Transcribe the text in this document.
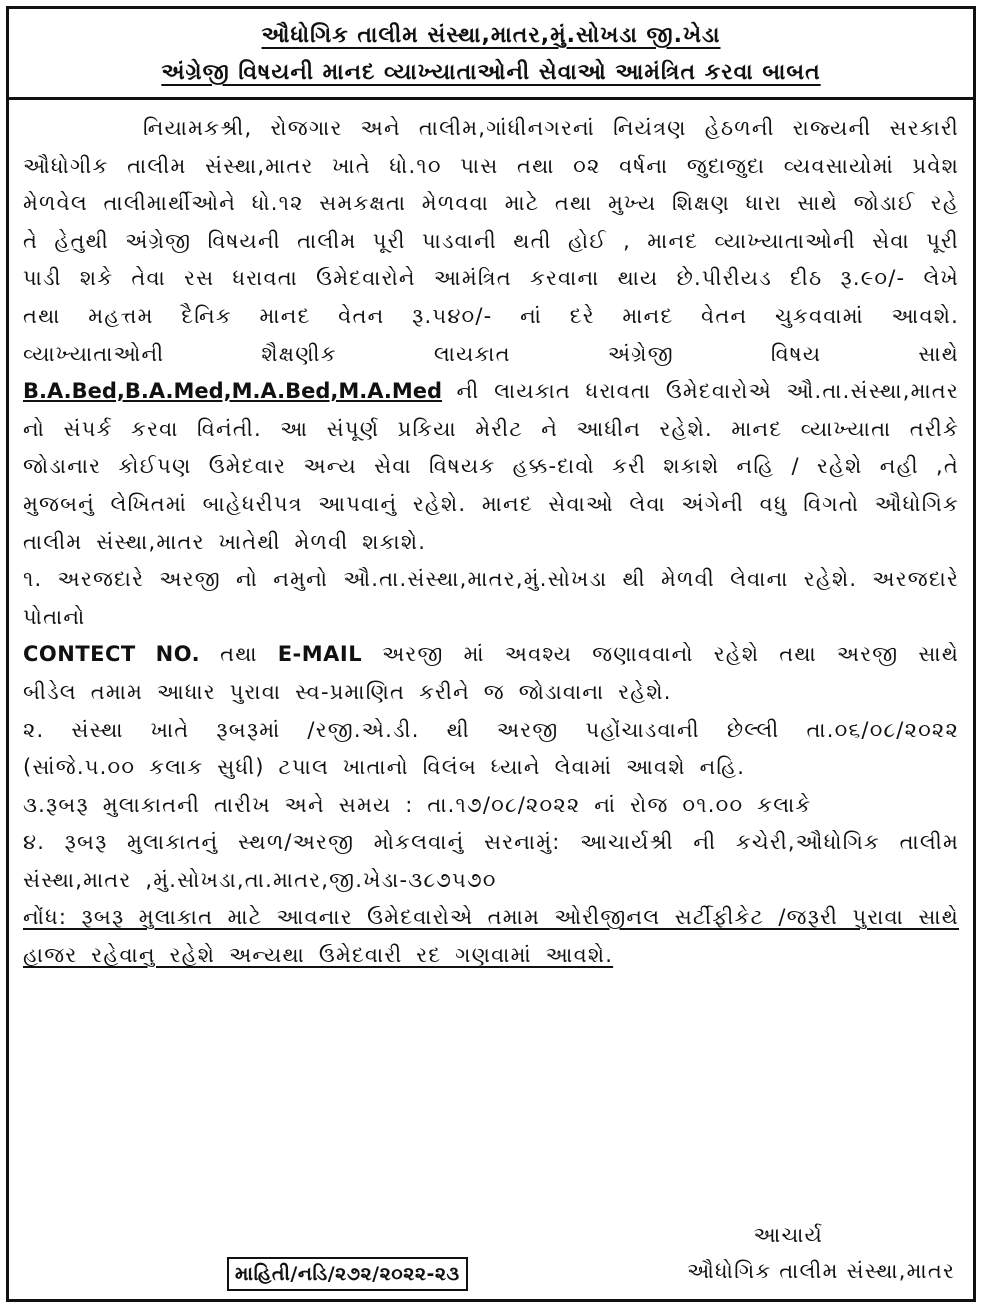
ઔધોગિક તાલીમ સંસ્થા,માતર,મું.સોખડા જી.ખેડા
અંગ્રેજી વિષયની માનદ વ્યાખ્યાતાઓની સેવાઓ આમંત્રિત કરવા બાબત

નિયામકશ્રી, રોજગાર અને તાલીમ,ગાંધીનગરનાં નિયંત્રણ હેઠળની રાજ્યની સરકારી ઔધોગીક તાલીમ સંસ્થા,માતર ખાતે ધો.૧૦ પાસ તથા ૦૨ વર્ષના જુદાજુદા વ્યવસાયોમાં પ્રવેશ મેળવેલ તાલીમાર્થીઓને ધો.૧૨ સમકક્ષતા મેળવવા માટે તથા મુખ્ય શિક્ષણ ધારા સાથે જોડાઈ રહે તે હેતુથી અંગ્રેજી વિષયની તાલીમ પૂરી પાડવાની થતી હોઈ , માનદ વ્યાખ્યાતાઓની સેવા પૂરી પાડી શકે તેવા રસ ધરાવતા ઉમેદવારોને આમંત્રિત કરવાના થાય છે.પીરીયડ દીઠ રૂ.૯૦/- લેખે તથા મહત્તમ દૈનિક માનદ વેતન રૂ.૫૪૦/- નાં દરે માનદ વેતન ચુકવવામાં આવશે. વ્યાખ્યાતાઓની શૈક્ષણીક લાયકાત અંગ્રેજી વિષય સાથે B.A.Bed,B.A.Med,M.A.Bed,M.A.Med ની લાયકાત ધરાવતા ઉમેદવારોએ ઔ.તા.સંસ્થા,માતર નો સંપર્ક કરવા વિનંતી. આ સંપૂર્ણ પ્રકિયા મેરીટ ને આધીન રહેશે. માનદ વ્યાખ્યાતા તરીકે જોડાનાર કોઈપણ ઉમેદવાર અન્ય સેવા વિષયક હક્ક-દાવો કરી શકાશે નહિ / રહેશે નહી ,તે મુજબનું લેખિતમાં બાહેધરીપત્ર આપવાનું રહેશે. માનદ સેવાઓ લેવા અંગેની વધુ વિગતો ઔધોગિક તાલીમ સંસ્થા,માતર ખાતેથી મેળવી શકાશે.

૧. અરજદારે અરજી નો નમુનો ઔ.તા.સંસ્થા,માતર,મું.સોખડા થી મેળવી લેવાના રહેશે. અરજદારે પોતાનો

CONTECT NO. તથા E-MAIL અરજી માં અવશ્ય જણાવવાનો રહેશે તથા અરજી સાથે બીડેલ તમામ આધાર પુરાવા સ્વ-પ્રમાણિત કરીને જ જોડાવાના રહેશે.

૨. સંસ્થા ખાતે રૂબરૂમાં /રજી.એ.ડી. થી અરજી પહોંચાડવાની છેલ્લી તા.૦૬/૦૮/૨૦૨૨ (સાંજે.૫.૦૦ કલાક સુધી) ટપાલ ખાતાનો વિલંબ ધ્યાને લેવામાં આવશે નહિ.

૩.રૂબરૂ મુલાકાતની તારીખ અને સમય : તા.૧૭/૦૮/૨૦૨૨ નાં રોજ ૦૧.૦૦ કલાકે

૪. રૂબરૂ મુલાકાતનું સ્થળ/અરજી મોકલવાનું સરનામું: આચાર્યશ્રી ની કચેરી,ઔધોગિક તાલીમ સંસ્થા,માતર ,મું.સોખડા,તા.માતર,જી.ખેડા-૩૮૭૫૭૦

નોંધ: રૂબરૂ મુલાકાત માટે આવનાર ઉમેદવારોએ તમામ ઓરીજીનલ સર્ટીફીકેટ /જરૂરી પુરાવા સાથે હાજર રહેવાનુ રહેશે અન્યથા ઉમેદવારી રદ ગણવામાં આવશે.

આચાર્ય
માહિતી/નડિ/૨૭૨/૨૦૨૨-૨૩	ઔધોગિક તાલીમ સંસ્થા,માતર
